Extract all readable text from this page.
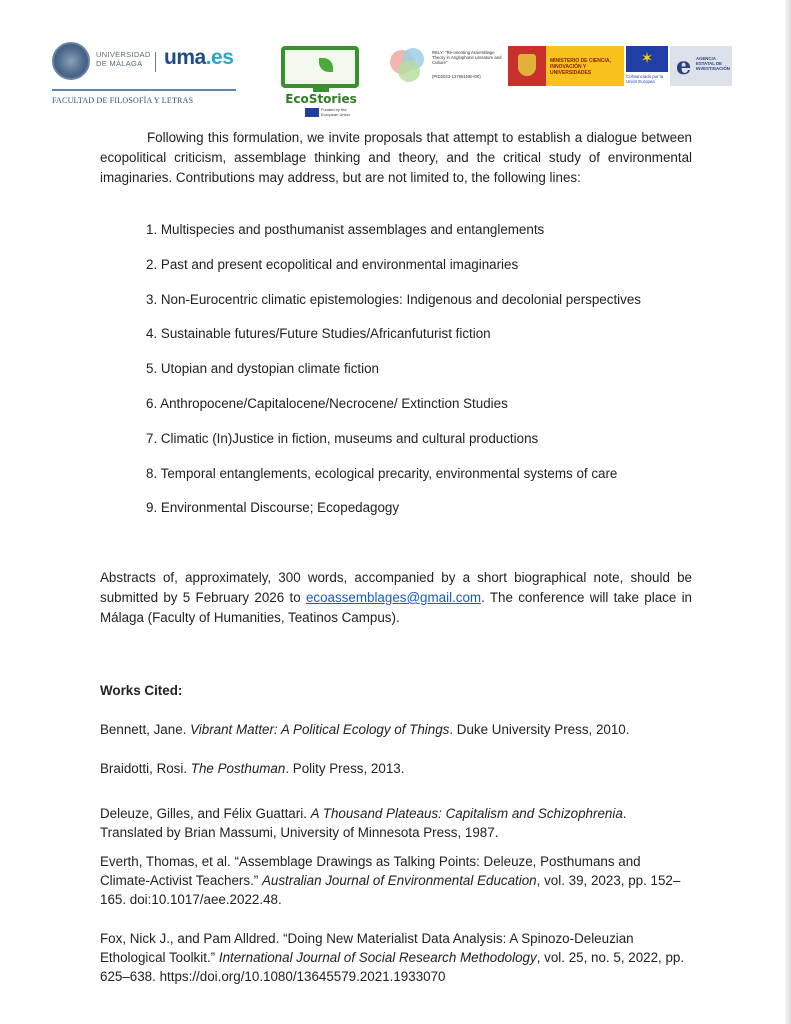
UNIVERSIDAD DE MÁLAGA	uma.es
FACULTAD DE FILOSOFÍA Y LETRAS	EcoStories
Funded by the European Union
RELY: "Re-orienting Assemblage Theory in Anglophone Literature and Culture"
(PID2023-137661NB-I00)
MINISTERIO DE CIENCIA, INNOVACIÓN Y UNIVERSIDADES
✶
Cofinanciado por la Unión Europea
e AGENCIA ESTATAL DE INVESTIGACIÓN

Following this formulation, we invite proposals that attempt to establish a dialogue between ecopolitical criticism, assemblage thinking and theory, and the critical study of environmental imaginaries. Contributions may address, but are not limited to, the following lines:

1. Multispecies and posthumanist assemblages and entanglements
2. Past and present ecopolitical and environmental imaginaries
3. Non-Eurocentric climatic epistemologies: Indigenous and decolonial perspectives
4. Sustainable futures/Future Studies/Africanfuturist fiction
5. Utopian and dystopian climate fiction
6. Anthropocene/Capitalocene/Necrocene/ Extinction Studies
7. Climatic (In)Justice in fiction, museums and cultural productions
8. Temporal entanglements, ecological precarity, environmental systems of care
9. Environmental Discourse; Ecopedagogy

Abstracts of, approximately, 300 words, accompanied by a short biographical note, should be submitted by 5 February 2026 to ecoassemblages@gmail.com. The conference will take place in Málaga (Faculty of Humanities, Teatinos Campus).

Works Cited:

Bennett, Jane. Vibrant Matter: A Political Ecology of Things. Duke University Press, 2010.

Braidotti, Rosi. The Posthuman. Polity Press, 2013.

Deleuze, Gilles, and Félix Guattari. A Thousand Plateaus: Capitalism and Schizophrenia. Translated by Brian Massumi, University of Minnesota Press, 1987.

Everth, Thomas, et al. “Assemblage Drawings as Talking Points: Deleuze, Posthumans and Climate-Activist Teachers.” Australian Journal of Environmental Education, vol. 39, 2023, pp. 152–165. doi:10.1017/aee.2022.48.

Fox, Nick J., and Pam Alldred. “Doing New Materialist Data Analysis: A Spinozo-Deleuzian Ethological Toolkit.” International Journal of Social Research Methodology, vol. 25, no. 5, 2022, pp. 625–638. https://doi.org/10.1080/13645579.2021.1933070
